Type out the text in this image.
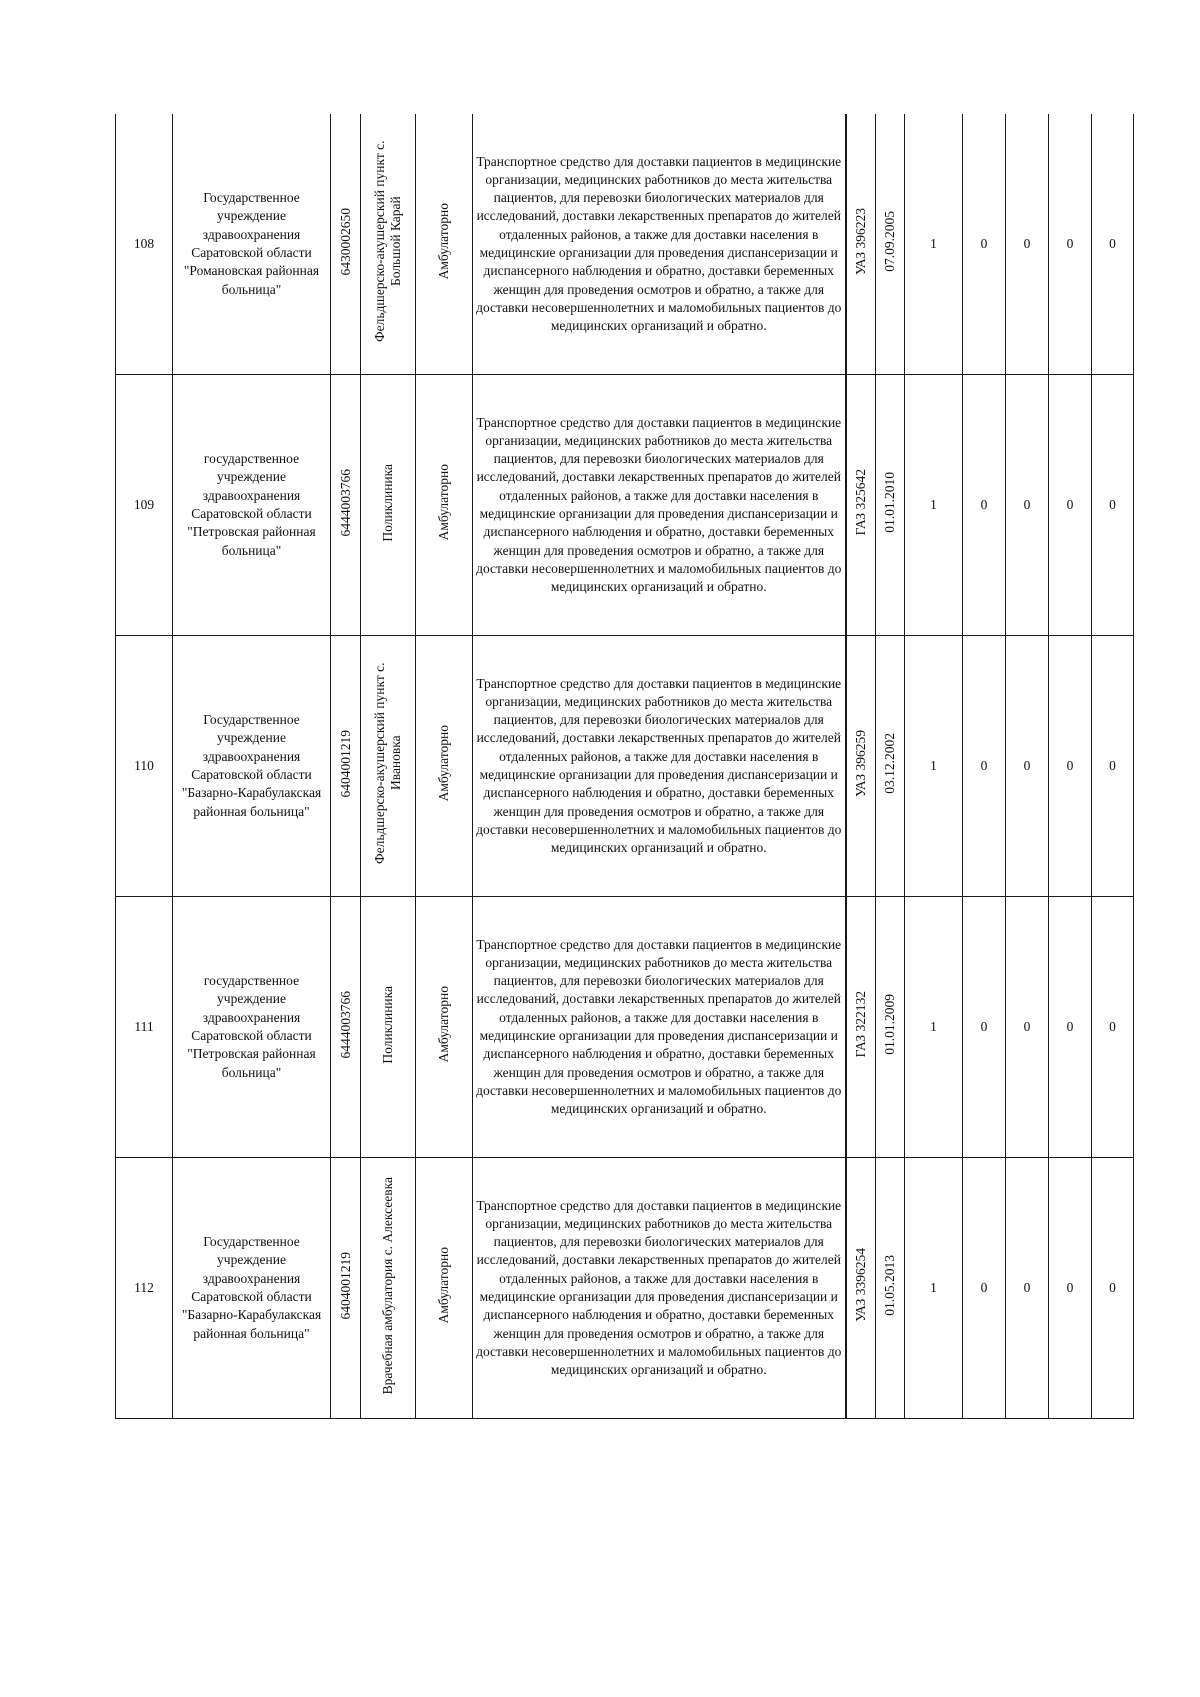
108	Государственное учреждение здравоохранения Саратовской области "Романовская районная больница"	6430002650	Фельдшерско-акушерский пункт с. Большой Карай	Амбулаторно	Транспортное средство для доставки пациентов в медицинские организации, медицинских работников до места жительства пациентов, для перевозки биологических материалов для исследований, доставки лекарственных препаратов до жителей отдаленных районов, а также для доставки населения в медицинские организации для проведения диспансеризации и диспансерного наблюдения и обратно, доставки беременных женщин для проведения осмотров и обратно, а также для доставки несовершеннолетних и маломобильных пациентов до медицинских организаций и обратно.	УАЗ 396223	07.09.2005	1	0	0	0	0
109	государственное учреждение здравоохранения Саратовской области "Петровская районная больница"	6444003766	Поликлиника	Амбулаторно	Транспортное средство для доставки пациентов в медицинские организации, медицинских работников до места жительства пациентов, для перевозки биологических материалов для исследований, доставки лекарственных препаратов до жителей отдаленных районов, а также для доставки населения в медицинские организации для проведения диспансеризации и диспансерного наблюдения и обратно, доставки беременных женщин для проведения осмотров и обратно, а также для доставки несовершеннолетних и маломобильных пациентов до медицинских организаций и обратно.	ГАЗ 325642	01.01.2010	1	0	0	0	0
110	Государственное учреждение здравоохранения Саратовской области "Базарно-Карабулакская районная больница"	6404001219	Фельдшерско-акушерский пункт с. Ивановка	Амбулаторно	Транспортное средство для доставки пациентов в медицинские организации, медицинских работников до места жительства пациентов, для перевозки биологических материалов для исследований, доставки лекарственных препаратов до жителей отдаленных районов, а также для доставки населения в медицинские организации для проведения диспансеризации и диспансерного наблюдения и обратно, доставки беременных женщин для проведения осмотров и обратно, а также для доставки несовершеннолетних и маломобильных пациентов до медицинских организаций и обратно.	УАЗ 396259	03.12.2002	1	0	0	0	0
111	государственное учреждение здравоохранения Саратовской области "Петровская районная больница"	6444003766	Поликлиника	Амбулаторно	Транспортное средство для доставки пациентов в медицинские организации, медицинских работников до места жительства пациентов, для перевозки биологических материалов для исследований, доставки лекарственных препаратов до жителей отдаленных районов, а также для доставки населения в медицинские организации для проведения диспансеризации и диспансерного наблюдения и обратно, доставки беременных женщин для проведения осмотров и обратно, а также для доставки несовершеннолетних и маломобильных пациентов до медицинских организаций и обратно.	ГАЗ 322132	01.01.2009	1	0	0	0	0
112	Государственное учреждение здравоохранения Саратовской области "Базарно-Карабулакская районная больница"	6404001219	Врачебная амбулатория с. Алексеевка	Амбулаторно	Транспортное средство для доставки пациентов в медицинские организации, медицинских работников до места жительства пациентов, для перевозки биологических материалов для исследований, доставки лекарственных препаратов до жителей отдаленных районов, а также для доставки населения в медицинские организации для проведения диспансеризации и диспансерного наблюдения и обратно, доставки беременных женщин для проведения осмотров и обратно, а также для доставки несовершеннолетних и маломобильных пациентов до медицинских организаций и обратно.	УАЗ 3396254	01.05.2013	1	0	0	0	0
